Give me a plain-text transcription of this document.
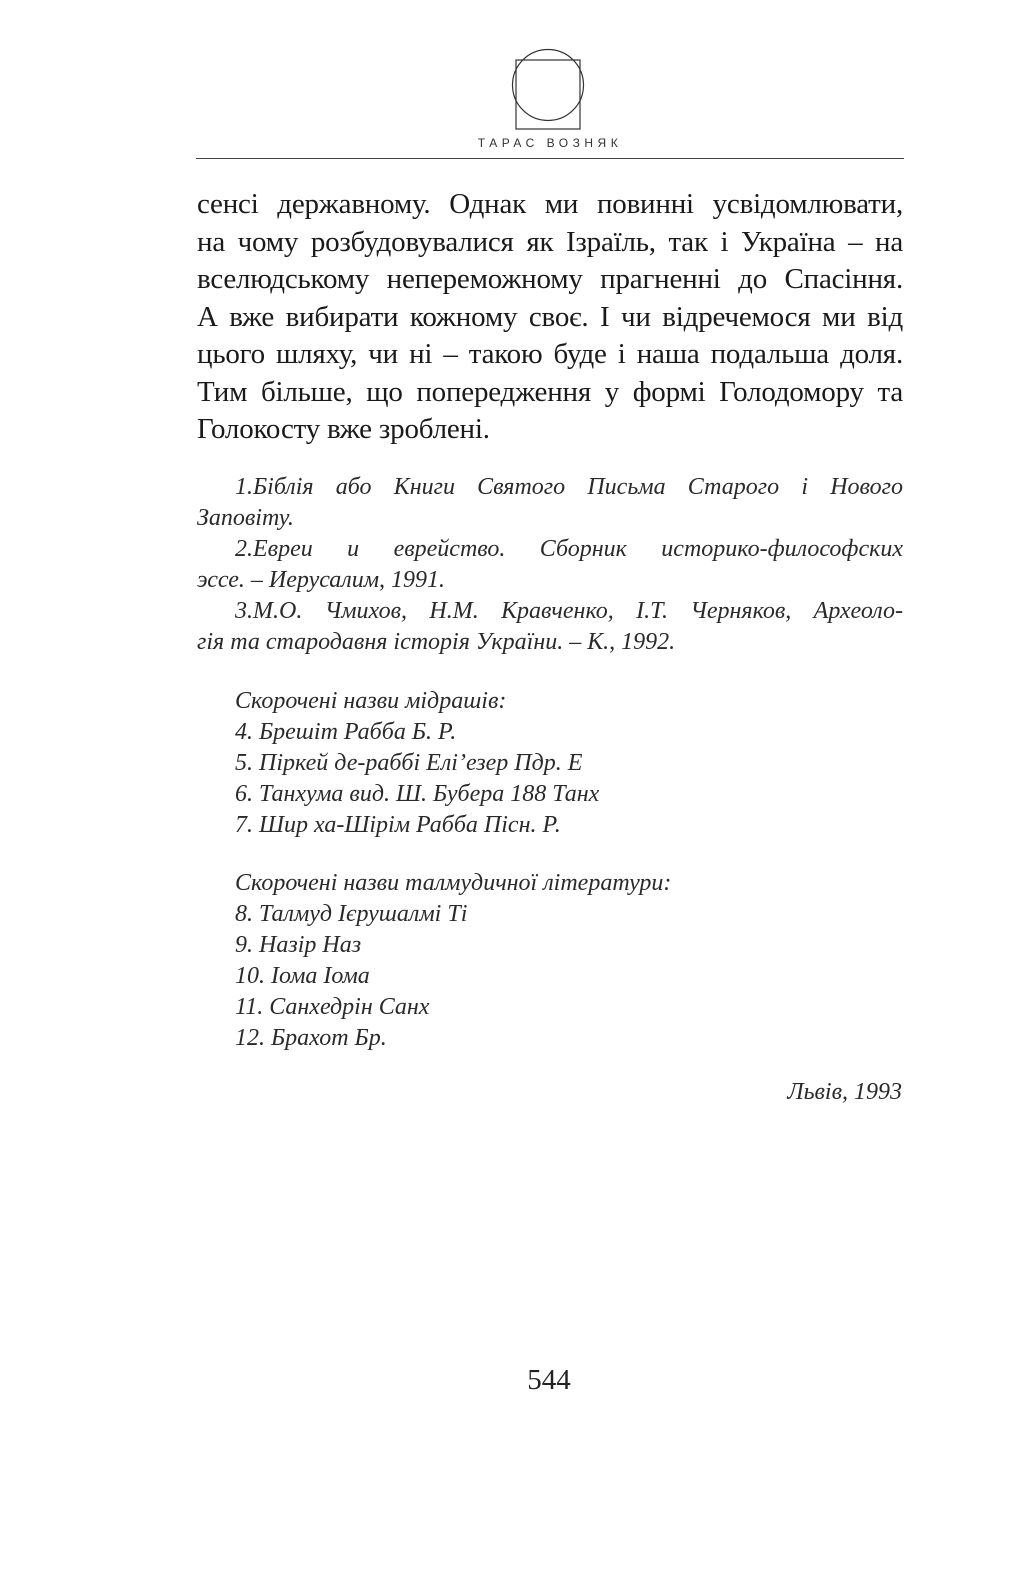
ТАРАС ВОЗНЯК
сенсі державному. Однак ми повинні усвідомлювати,
на чому розбудовувалися як Ізраїль, так і Україна – на
вселюдському непереможному прагненні до Спасіння.
А вже вибирати кожному своє. І чи відречемося ми від
цього шляху, чи ні – такою буде і наша подальша доля.
Тим більше, що попередження у формі Голодомору та
Голокосту вже зроблені.
1.Біблія або Книги Святого Письма Старого і Нового
Заповіту.
2.Евреи и еврейство. Сборник историко-философских
эссе. – Иерусалим, 1991.
3.М.О. Чмихов, Н.М. Кравченко, І.Т. Черняков, Археоло-
гія та стародавня історія України. – К., 1992.
Скорочені назви мідрашів:
4. Брешіт Рабба Б. Р.
5. Піркей де-раббі Елі’езер Пдр. Е
6. Танхума вид. Ш. Бубера 188 Танх
7. Шир ха-Шірім Рабба Пісн. Р.
Скорочені назви талмудичної літератури:
8. Талмуд Ієрушалмі Ті
9. Назір Наз
10. Іома Іома
11. Санхедрін Санх
12. Брахот Бр.
Львів, 1993
544
